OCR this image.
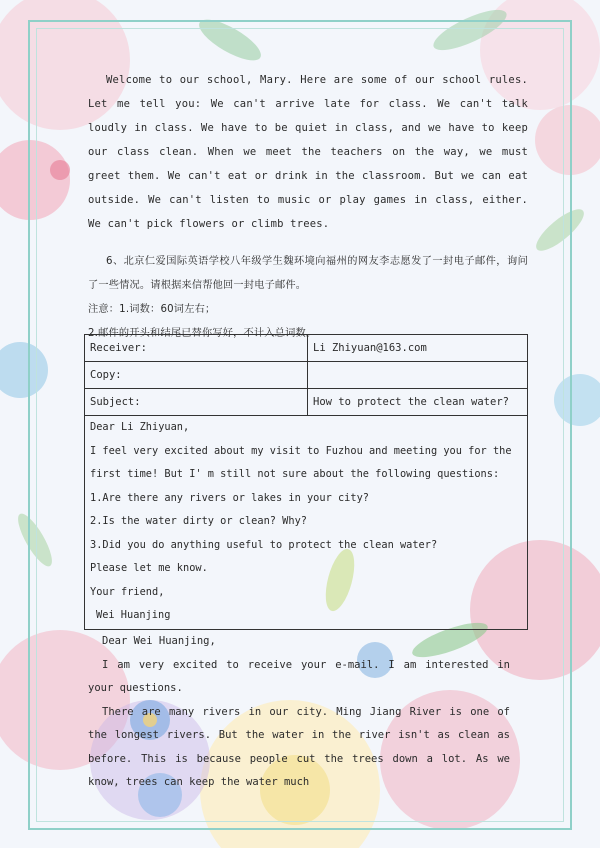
Welcome to our school, Mary. Here are some of our school rules. Let me tell you: We can't arrive late for class. We can't talk loudly in class. We have to be quiet in class, and we have to keep our class clean. When we meet the teachers on the way, we must greet them. We can't eat or drink in the classroom. But we can eat outside. We can't listen to music or play games in class, either. We can't pick flowers or climb trees.

6、北京仁爱国际英语学校八年级学生魏环境向福州的网友李志愿发了一封电子邮件，询问了一些情况。请根据来信帮他回一封电子邮件。

注意：1.词数：60词左右；

2.邮件的开头和结尾已替你写好，不计入总词数。

Receiver:	Li Zhiyuan@163.com
Copy:	
Subject:	How to protect the clean water?

Dear Li Zhiyuan,

I feel very excited about my visit to Fuzhou and meeting you for the first time! But I' m still not sure about the following questions:

1.Are there any rivers or lakes in your city?

2.Is the water dirty or clean? Why?

3.Did you do anything useful to protect the clean water?

Please let me know.

Your friend,

Wei Huanjing

Dear Wei Huanjing,

I am very excited to receive your e-mail. I am interested in your questions.

There are many rivers in our city. Ming Jiang River is one of the longest rivers. But the water in the river isn't as clean as before. This is because people cut the trees down a lot. As we know, trees can keep the water much
